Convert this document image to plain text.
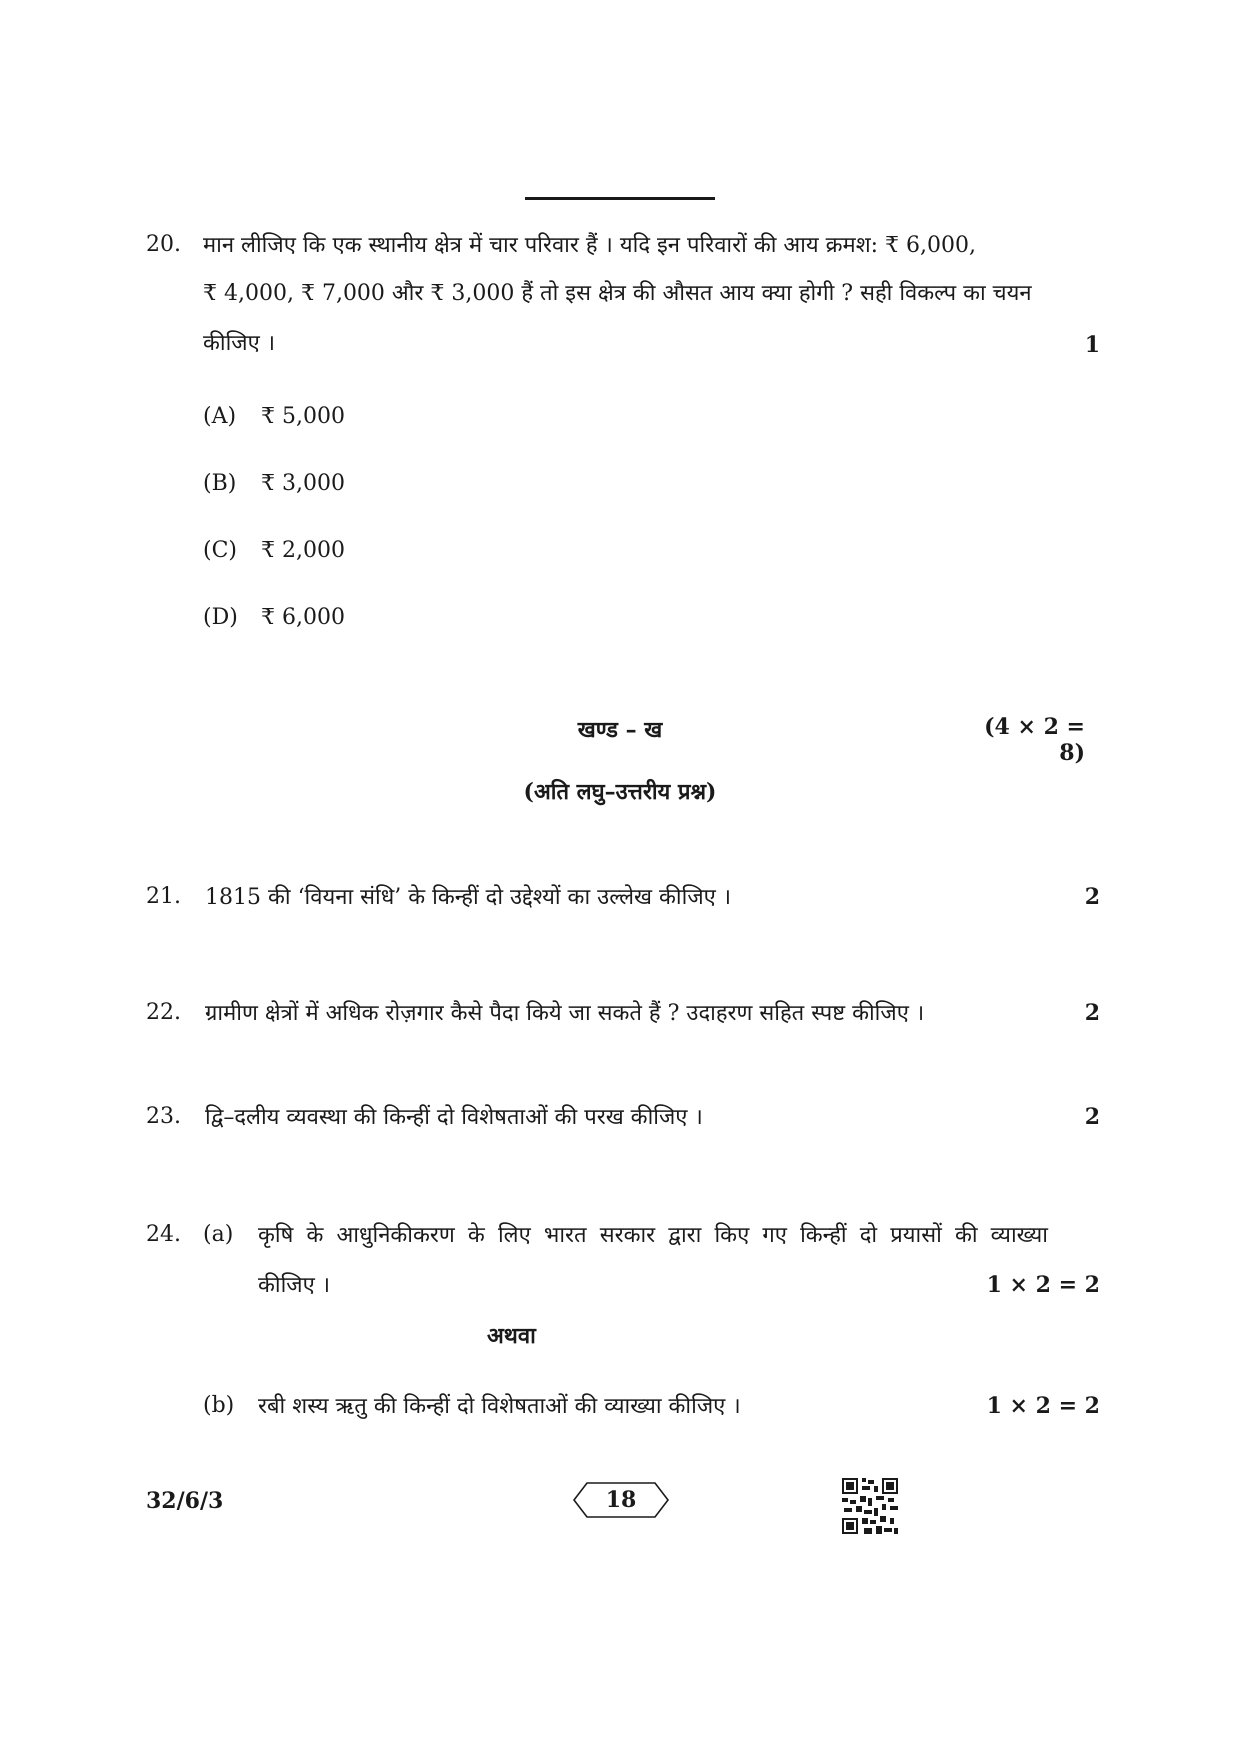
20. मान लीजिए कि एक स्थानीय क्षेत्र में चार परिवार हैं । यदि इन परिवारों की आय क्रमश: ₹ 6,000,
₹ 4,000, ₹ 7,000 और ₹ 3,000 हैं तो इस क्षेत्र की औसत आय क्या होगी ? सही विकल्प का चयन
कीजिए ।	1
(A) ₹ 5,000
(B) ₹ 3,000
(C) ₹ 2,000
(D) ₹ 6,000
खण्ड – ख	(4 × 2 = 8)
(अति लघु–उत्तरीय प्रश्न)
21. 1815 की ‘वियना संधि’ के किन्हीं दो उद्देश्यों का उल्लेख कीजिए ।	2
22. ग्रामीण क्षेत्रों में अधिक रोज़गार कैसे पैदा किये जा सकते हैं ? उदाहरण सहित स्पष्ट कीजिए ।	2
23. द्वि–दलीय व्यवस्था की किन्हीं दो विशेषताओं की परख कीजिए ।	2
24. (a) कृषि के आधुनिकीकरण के लिए भारत सरकार द्वारा किए गए किन्हीं दो प्रयासों की व्याख्या
कीजिए ।	1 × 2 = 2
अथवा
(b) रबी शस्य ऋतु की किन्हीं दो विशेषताओं की व्याख्या कीजिए ।	1 × 2 = 2
32/6/3	18
